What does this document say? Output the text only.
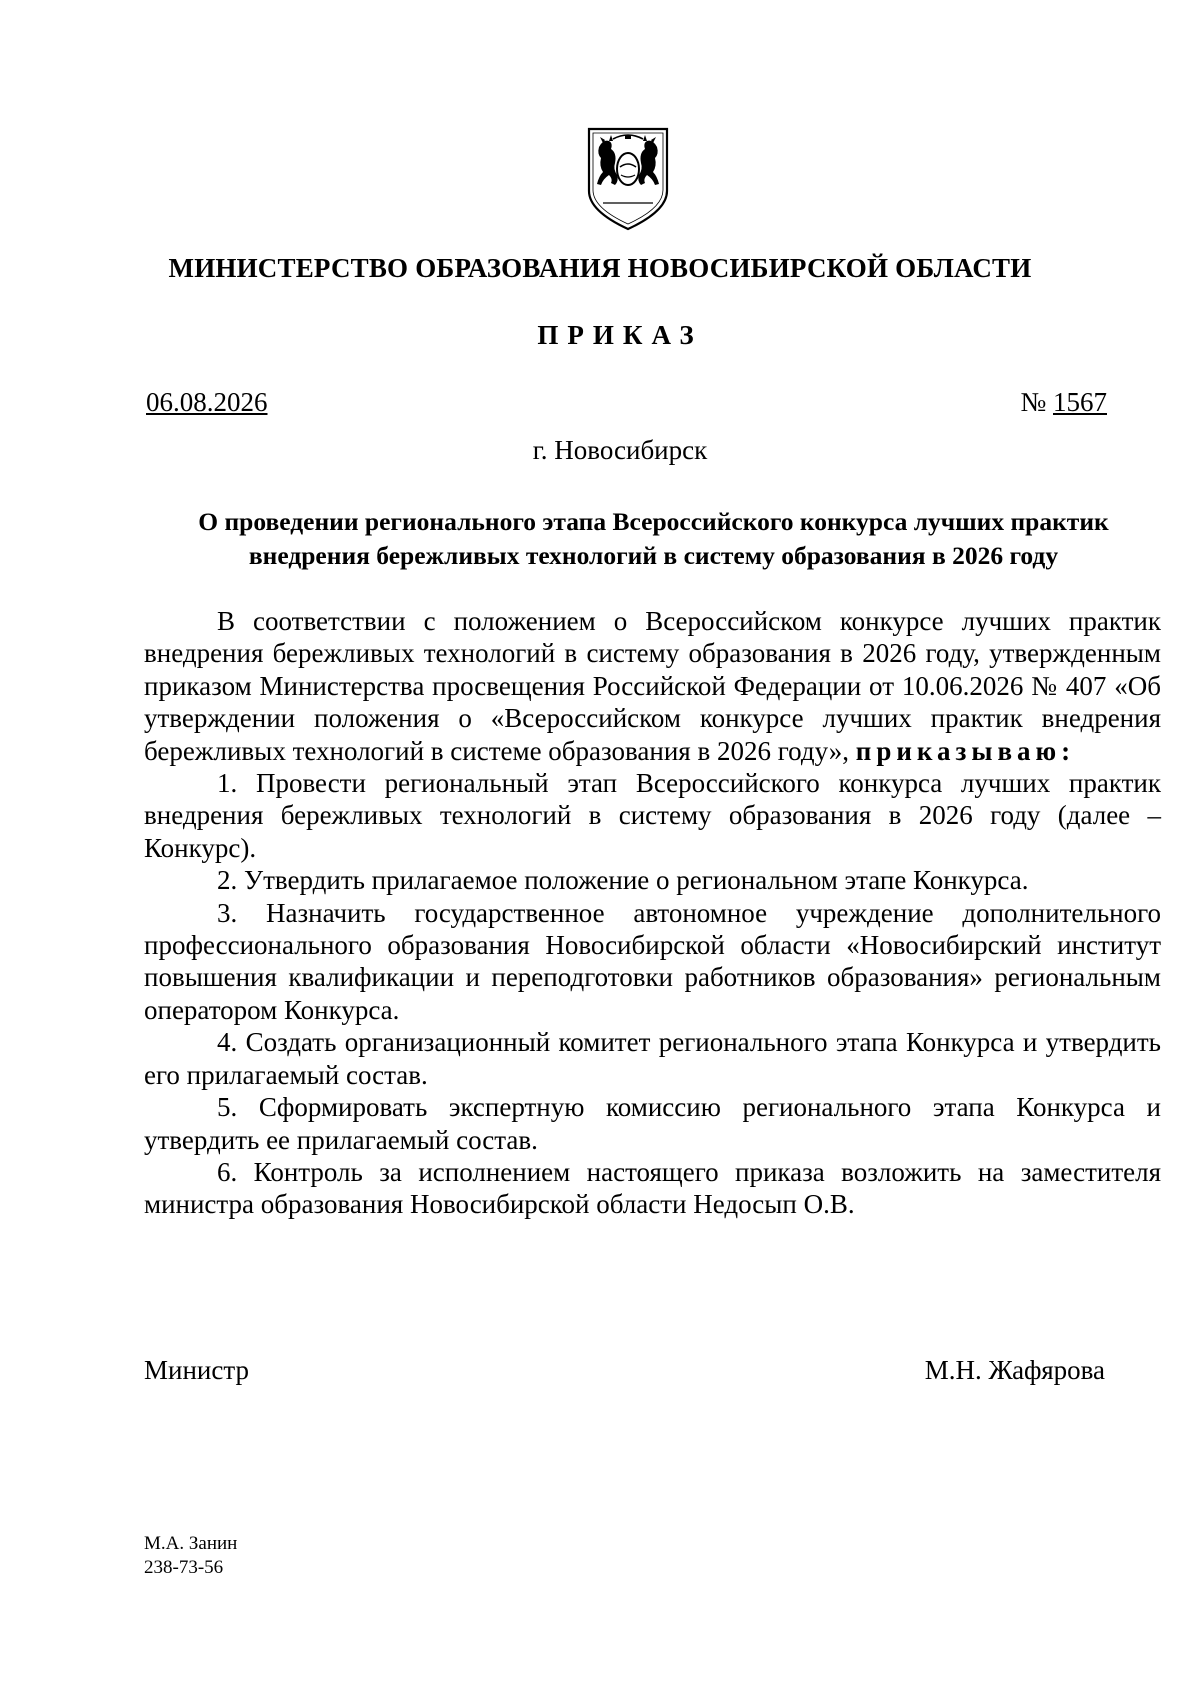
МИНИСТЕРСТВО ОБРАЗОВАНИЯ НОВОСИБИРСКОЙ ОБЛАСТИ
ПРИКАЗ
06.08.2026	№ 1567
г. Новосибирск
О проведении регионального этапа Всероссийского конкурса лучших практик
внедрения бережливых технологий в систему образования в 2026 году

В соответствии с положением о Всероссийском конкурсе лучших практик внедрения бережливых технологий в систему образования в 2026 году, утвержденным приказом Министерства просвещения Российской Федерации от 10.06.2026 № 407 «Об утверждении положения о «Всероссийском конкурсе лучших практик внедрения бережливых технологий в системе образования в 2026 году», приказываю:

1. Провести региональный этап Всероссийского конкурса лучших практик внедрения бережливых технологий в систему образования в 2026 году (далее – Конкурс).

2. Утвердить прилагаемое положение о региональном этапе Конкурса.

3. Назначить государственное автономное учреждение дополнительного профессионального образования Новосибирской области «Новосибирский институт повышения квалификации и переподготовки работников образования» региональным оператором Конкурса.

4. Создать организационный комитет регионального этапа Конкурса и утвердить его прилагаемый состав.

5. Сформировать экспертную комиссию регионального этапа Конкурса и утвердить ее прилагаемый состав.

6. Контроль за исполнением настоящего приказа возложить на заместителя министра образования Новосибирской области Недосып О.В.

Министр	М.Н. Жафярова
М.А. Занин
238-73-56
